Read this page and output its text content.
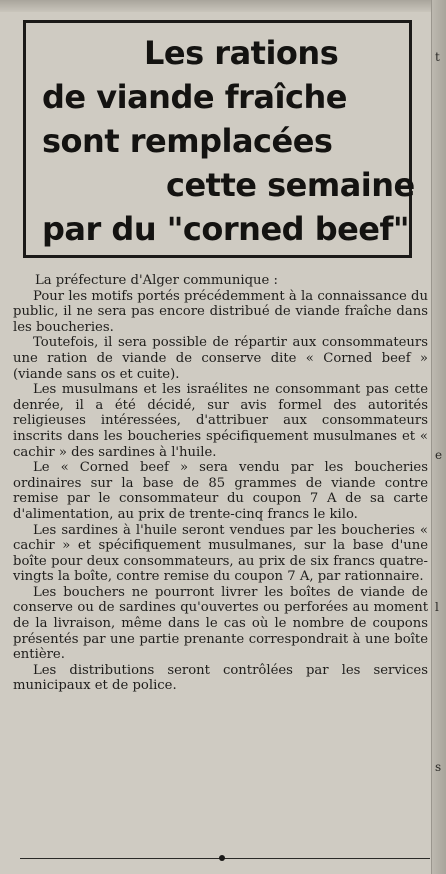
t
e
l
s
Les rations
de viande fraîche
sont remplacées
cette semaine
par du "corned beef"

La préfecture d'Alger communique :

Pour les motifs portés précédemment à la connaissance du public, il ne sera pas encore distribué de viande fraîche dans les boucheries.

Toutefois, il sera possible de répartir aux consommateurs une ration de viande de conserve dite « Corned beef » (viande sans os et cuite).

Les musulmans et les israélites ne consommant pas cette denrée, il a été décidé, sur avis formel des autorités religieuses intéressées, d'attribuer aux consommateurs inscrits dans les boucheries spécifiquement musulmanes et « cachir » des sardines à l'huile.

Le « Corned beef » sera vendu par les boucheries ordinaires sur la base de 85 grammes de viande contre remise par le consommateur du coupon 7 A de sa carte d'alimentation, au prix de trente-cinq francs le kilo.

Les sardines à l'huile seront vendues par les boucheries « cachir » et spécifiquement musulmanes, sur la base d'une boîte pour deux consommateurs, au prix de six francs quatre-vingts la boîte, contre remise du coupon 7 A, par rationnaire.

Les bouchers ne pourront livrer les boîtes de viande de conserve ou de sardines qu'ouvertes ou perforées au moment de la livraison, même dans le cas où le nombre de coupons présentés par une partie prenante correspondrait à une boîte entière.

Les distributions seront contrôlées par les services municipaux et de police.
